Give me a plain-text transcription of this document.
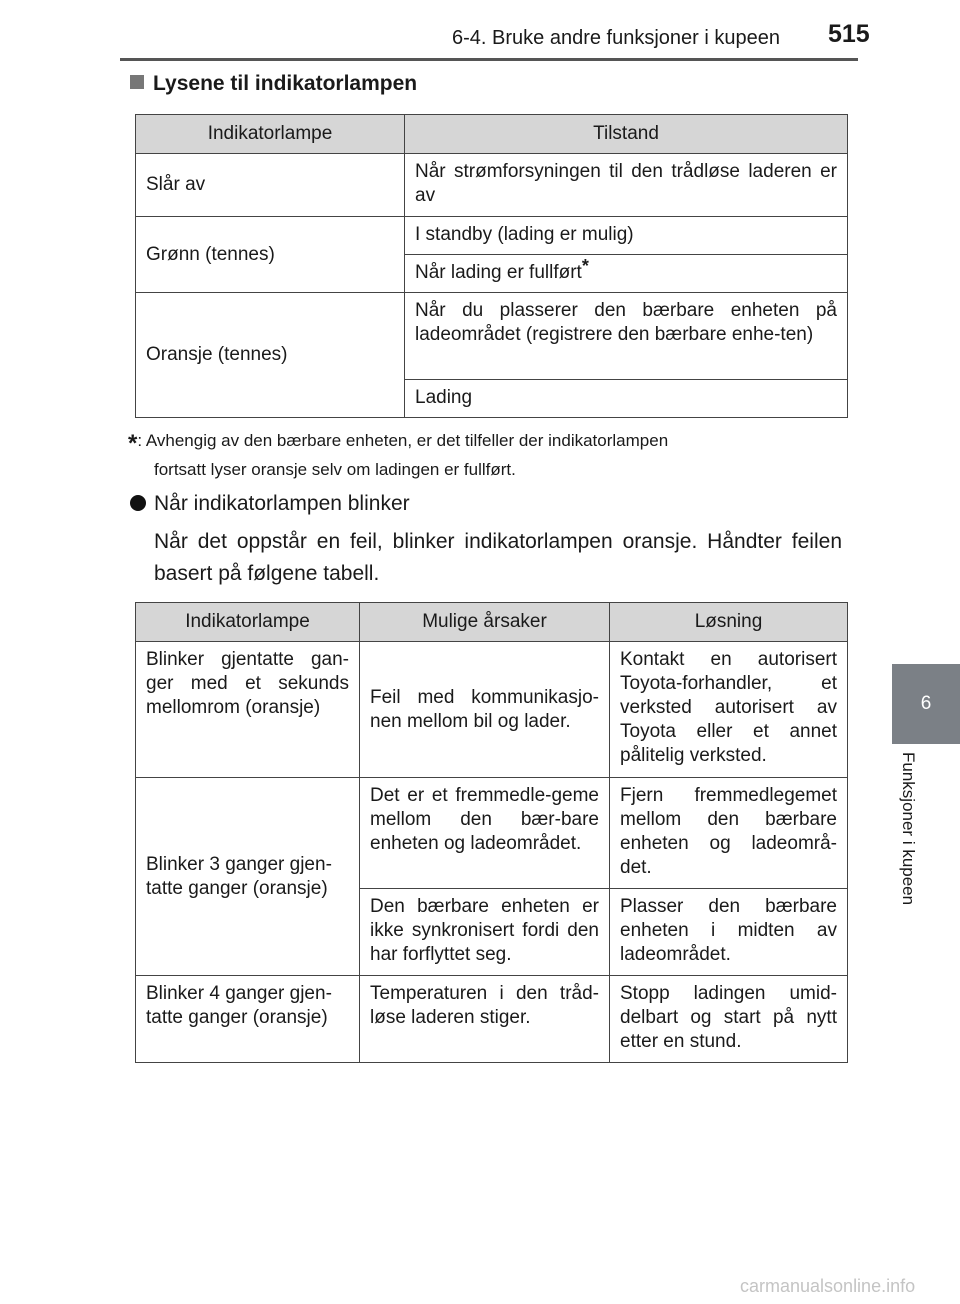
6-4. Bruke andre funksjoner i kupeen 515
Lysene til indikatorlampen
Indikatorlampe	Tilstand
Slår av	Når strømforsyningen til den trådløse laderen er av
Grønn (tennes)	I standby (lading er mulig)
	Når lading er fullført*
Oransje (tennes)	Når du plasserer den bærbare enheten på ladeområdet (registrere den bærbare enhe-ten)
	Lading
*: Avhengig av den bærbare enheten, er det tilfeller der indikatorlampen
fortsatt lyser oransje selv om ladingen er fullført.
Når indikatorlampen blinker
Når det oppstår en feil, blinker indikatorlampen oransje. Håndter feilen basert på følgene tabell.
Indikatorlampe	Mulige årsaker	Løsning
Blinker gjentatte gan-ger med et sekunds mellomrom (oransje)	Feil med kommunikasjo-nen mellom bil og lader.	Kontakt en autorisert Toyota-forhandler, et verksted autorisert av Toyota eller et annet pålitelig verksted.
Blinker 3 ganger gjen-tatte ganger (oransje)	Det er et fremmedle-geme mellom den bær-bare enheten og ladeområdet.	Fjern fremmedlegemet mellom den bærbare enheten og ladeområ-det.
	Den bærbare enheten er ikke synkronisert fordi den har forflyttet seg.	Plasser den bærbare enheten i midten av ladeområdet.
Blinker 4 ganger gjen-tatte ganger (oransje)	Temperaturen i den tråd-løse laderen stiger.	Stopp ladingen umid-delbart og start på nytt etter en stund.
6
Funksjoner i kupeen
carmanualsonline.info
